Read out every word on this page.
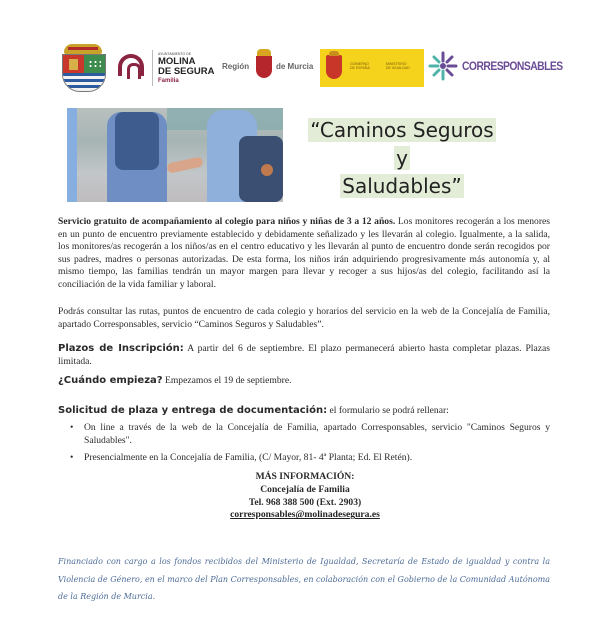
AYUNTAMIENTO DE
MOLINA
DE SEGURA
Familia
Región	de Murcia	GOBIERNO
DE ESPAÑA
MINISTERIO
DE IGUALDAD	CORRESPONSABLES
“Caminos Seguros
y
Saludables”
Servicio gratuito de acompañamiento al colegio para niños y niñas de 3 a 12 años. Los monitores recogerán a los menores en un punto de encuentro previamente establecido y debidamente señalizado y les llevarán al colegio. Igualmente, a la salida, los monitores/as recogerán a los niños/as en el centro educativo y les llevarán al punto de encuentro donde serán recogidos por sus padres, madres o personas autorizadas. De esta forma, los niños irán adquiriendo progresivamente más autonomía y, al mismo tiempo, las familias tendrán un mayor margen para llevar y recoger a sus hijos/as del colegio, facilitando así la conciliación de la vida familiar y laboral.
Podrás consultar las rutas, puntos de encuentro de cada colegio y horarios del servicio en la web de la Concejalía de Familia, apartado Corresponsables, servicio “Caminos Seguros y Saludables”.
Plazos de Inscripción: A partir del 6 de septiembre. El plazo permanecerá abierto hasta completar plazas. Plazas limitada.
¿Cuándo empieza? Empezamos el 19 de septiembre.
Solicitud de plaza y entrega de documentación: el formulario se podrá rellenar:
• On line a través de la web de la Concejalía de Familia, apartado Corresponsables, servicio "Caminos Seguros y Saludables".
• Presencialmente en la Concejalía de Familia, (C/ Mayor, 81- 4ª Planta; Ed. El Retén).
MÁS INFORMACIÓN:
Concejalía de Familia
Tel. 968 388 500 (Ext. 2903)
corresponsables@molinadesegura.es
Financiado con cargo a los fondos recibidos del Ministerio de Igualdad, Secretaría de Estado de igualdad y contra la Violencia de Género, en el marco del Plan Corresponsables, en colaboración con el Gobierno de la Comunidad Autónoma de la Región de Murcia.
